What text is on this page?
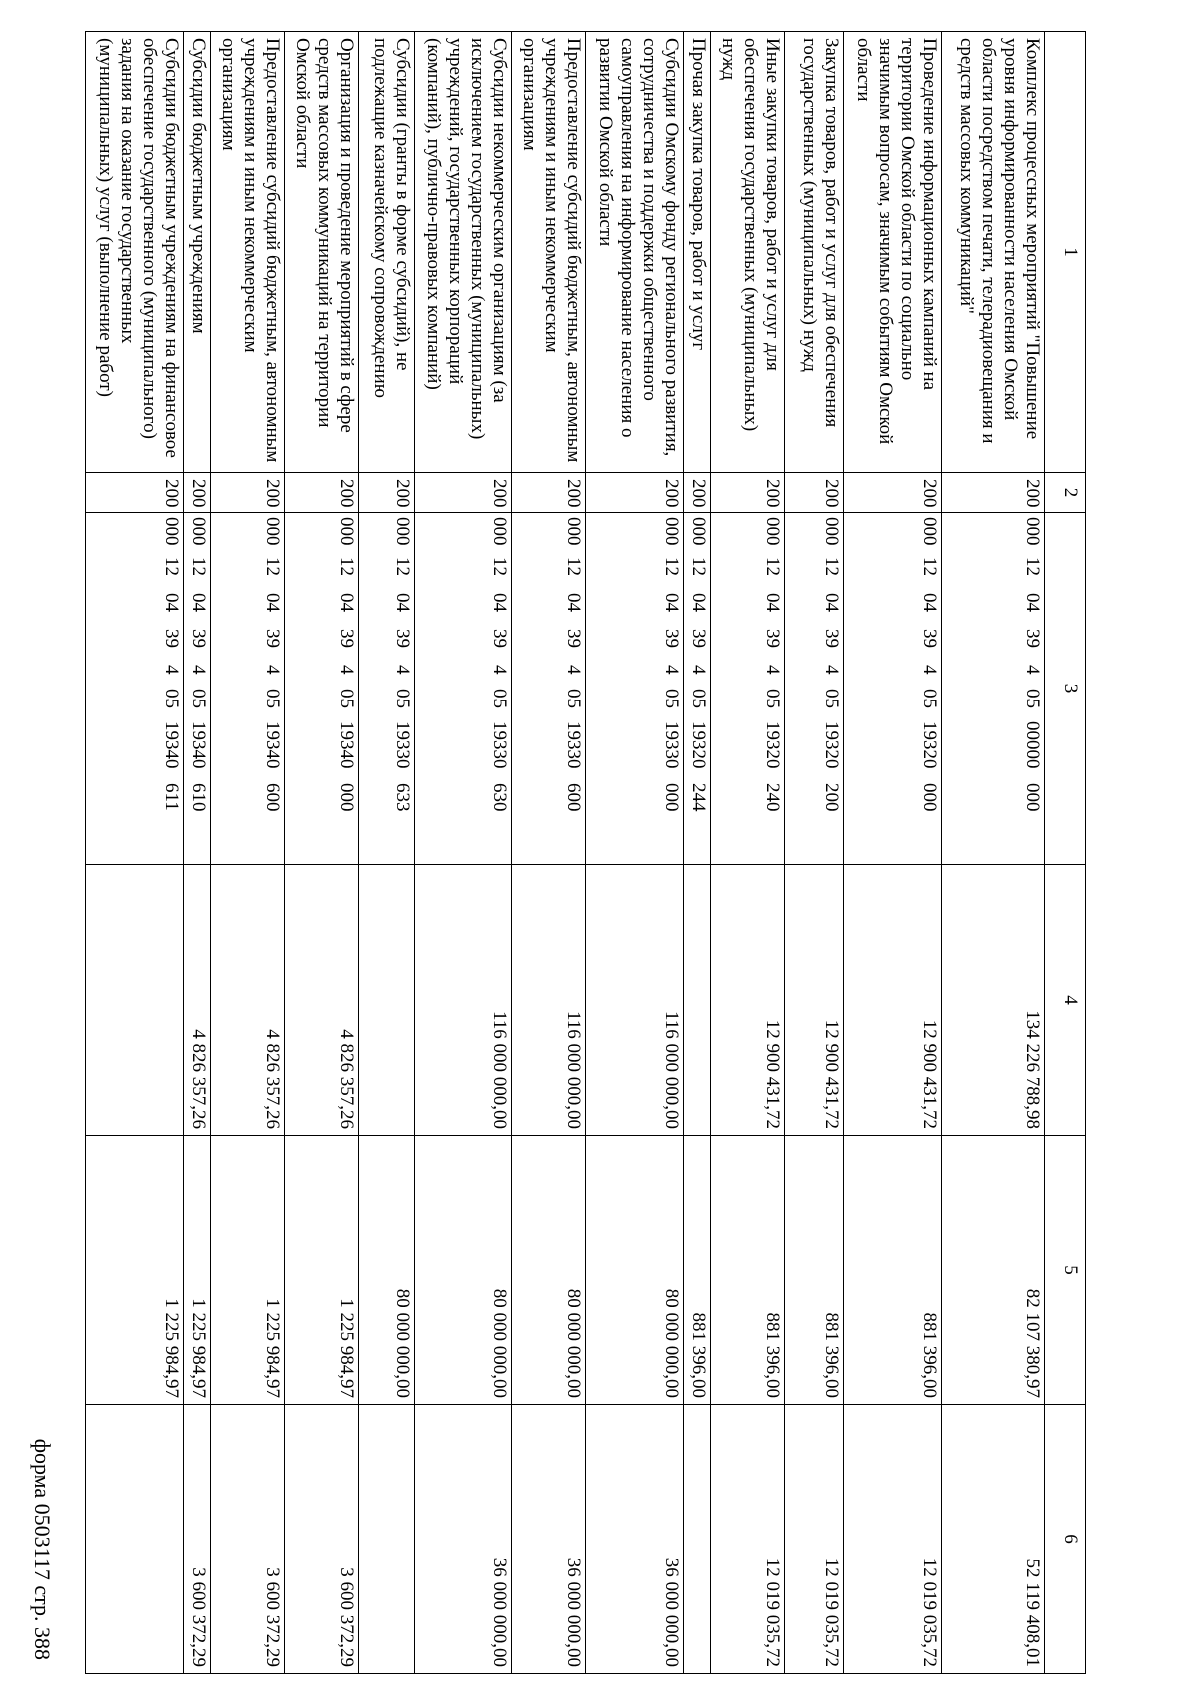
форма 0503117 стр. 388
1	2	3	4	5	6
Комплекс процессных мероприятий "Повышение уровня информированности населения Омской области посредством печати, телерадиовещания и средств массовых коммуникаций"	200	00012043940500000000	134 226 788,98	82 107 380,97	52 119 408,01
Проведение информационных кампаний на территории Омской области по социально значимым вопросам, значимым событиям Омской области	200	00012043940519320000	12 900 431,72	881 396,00	12 019 035,72
Закупка товаров, работ и услуг для обеспечения государственных (муниципальных) нужд	200	00012043940519320200	12 900 431,72	881 396,00	12 019 035,72
Иные закупки товаров, работ и услуг для обеспечения государственных (муниципальных) нужд	200	00012043940519320240	12 900 431,72	881 396,00	12 019 035,72
Прочая закупка товаров, работ и услуг	200	00012043940519320244		881 396,00	
Субсидии Омскому фонду регионального развития, сотрудничества и поддержки общественного самоуправления на информирование населения о развитии Омской области	200	00012043940519330000	116 000 000,00	80 000 000,00	36 000 000,00
Предоставление субсидий бюджетным, автономным учреждениям и иным некоммерческим организациям	200	00012043940519330600	116 000 000,00	80 000 000,00	36 000 000,00
Субсидии некоммерческим организациям (за исключением государственных (муниципальных) учреждений, государственных корпораций (компаний), публично-правовых компаний)	200	00012043940519330630	116 000 000,00	80 000 000,00	36 000 000,00
Субсидии (гранты в форме субсидий), не подлежащие казначейскому сопровождению	200	00012043940519330633		80 000 000,00	
Организация и проведение мероприятий в сфере средств массовых коммуникаций на территории Омской области	200	00012043940519340000	4 826 357,26	1 225 984,97	3 600 372,29
Предоставление субсидий бюджетным, автономным учреждениям и иным некоммерческим организациям	200	00012043940519340600	4 826 357,26	1 225 984,97	3 600 372,29
Субсидии бюджетным учреждениям	200	00012043940519340610	4 826 357,26	1 225 984,97	3 600 372,29
Субсидии бюджетным учреждениям на финансовое обеспечение государственного (муниципального) задания на оказание государственных (муниципальных) услуг (выполнение работ)	200	00012043940519340611		1 225 984,97	
